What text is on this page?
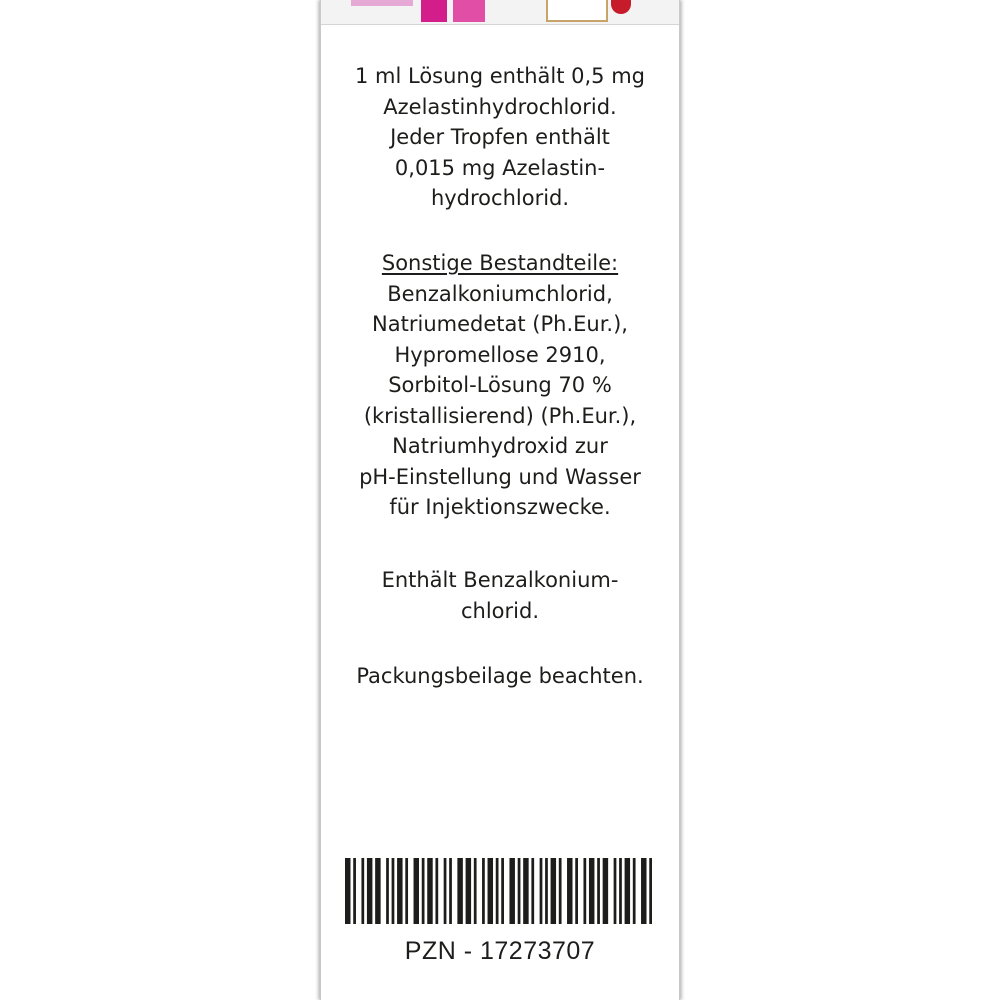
1 ml Lösung enthält 0,5 mg
Azelastinhydrochlorid.
Jeder Tropfen enthält
0,015 mg Azelastin-
hydrochlorid.
Sonstige Bestandteile:
Benzalkoniumchlorid,
Natriumedetat (Ph.Eur.),
Hypromellose 2910,
Sorbitol-Lösung 70 %
(kristallisierend) (Ph.Eur.),
Natriumhydroxid zur
pH-Einstellung und Wasser
für Injektionszwecke.
Enthält Benzalkonium-
chlorid.
Packungsbeilage beachten.
PZN - 17273707
